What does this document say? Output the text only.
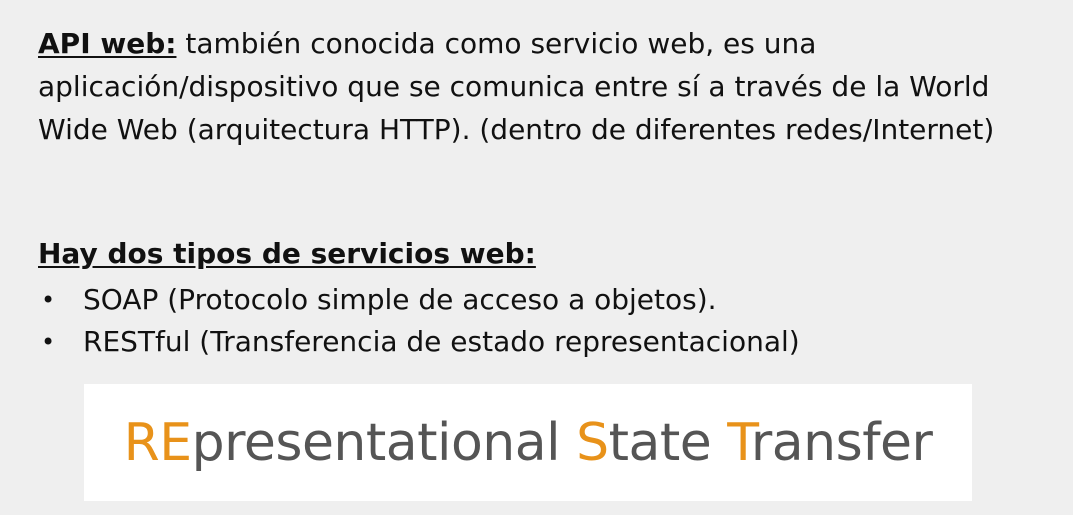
API web: también conocida como servicio web, es una aplicación/dispositivo que se comunica entre sí a través de la World Wide Web (arquitectura HTTP). (dentro de diferentes redes/Internet)
Hay dos tipos de servicios web:
• SOAP (Protocolo simple de acceso a objetos).
• RESTful (Transferencia de estado representacional)
REpresentational State Transfer
